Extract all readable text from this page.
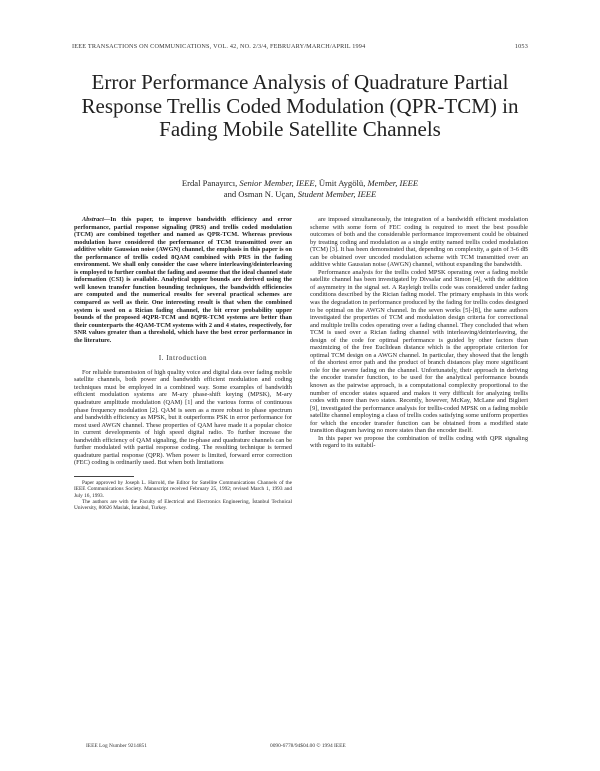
IEEE TRANSACTIONS ON COMMUNICATIONS, VOL. 42, NO. 2/3/4, FEBRUARY/MARCH/APRIL 1994	1053
Error Performance Analysis of Quadrature Partial Response Trellis Coded Modulation (QPR-TCM) in Fading Mobile Satellite Channels
Erdal Panayırcı, Senior Member, IEEE, Ümit Aygölü, Member, IEEE
and Osman N. Uçan, Student Member, IEEE

Abstract—In this paper, to improve bandwidth efficiency and error performance, partial response signaling (PRS) and trellis coded modulation (TCM) are combined together and named as QPR-TCM. Whereas previous modulation have considered the performance of TCM transmitted over an additive white Gaussian noise (AWGN) channel, the emphasis in this paper is on the performance of trellis coded 8QAM combined with PRS in the fading environment. We shall only consider the case where interleaving/deinterleaving is employed to further combat the fading and assume that the ideal channel state information (CSI) is available. Analytical upper bounds are derived using the well known transfer function bounding techniques, the bandwidth efficiencies are computed and the numerical results for several practical schemes are compared as well as their. One interesting result is that when the combined system is used on a Rician fading channel, the bit error probability upper bounds of the proposed 4QPR-TCM and 8QPR-TCM systems are better than their counterparts the 4QAM-TCM systems with 2 and 4 states, respectively, for SNR values greater than a threshold, which have the best error performance in the literature.

I. Introduction

For reliable transmission of high quality voice and digital data over fading mobile satellite channels, both power and bandwidth efficient modulation and coding techniques must be employed in a combined way. Some examples of bandwidth efficient modulation systems are M-ary phase-shift keying (MPSK), M-ary quadrature amplitude modulation (QAM) [1] and the various forms of continuous phase frequency modulation [2]. QAM is seen as a more robust to phase spectrum and bandwidth efficiency as MPSK, but it outperforms PSK in error performance for most used AWGN channel. These properties of QAM have made it a popular choice in current developments of high speed digital radio. To further increase the bandwidth efficiency of QAM signaling, the in-phase and quadrature channels can be further modulated with partial response coding. The resulting technique is termed quadrature partial response (QPR). When power is limited, forward error correction (FEC) coding is ordinarily used. But when both limitations

Paper approved by Joseph L. Harrold, the Editor for Satellite Communications Channels of the IEEE Communications Society. Manuscript received February 25, 1992; revised March 1, 1993 and July 16, 1993.

The authors are with the Faculty of Electrical and Electronics Engineering, İstanbul Technical University, 80626 Maslak, İstanbul, Turkey.

are imposed simultaneously, the integration of a bandwidth efficient modulation scheme with some form of FEC coding is required to meet the best possible outcomes of both and the considerable performance improvement could be obtained by treating coding and modulation as a single entity named trellis coded modulation (TCM) [3]. It has been demonstrated that, depending on complexity, a gain of 3-6 dB can be obtained over uncoded modulation scheme with TCM transmitted over an additive white Gaussian noise (AWGN) channel, without expanding the bandwidth.

Performance analysis for the trellis coded MPSK operating over a fading mobile satellite channel has been investigated by Divsalar and Simon [4], with the addition of asymmetry in the signal set. A Rayleigh trellis code was considered under fading conditions described by the Rician fading model. The primary emphasis in this work was the degradation in performance produced by the fading for trellis codes designed to be optimal on the AWGN channel. In the seven works [5]-[8], the same authors investigated the properties of TCM and modulation design criteria for correctional and multiple trellis codes operating over a fading channel. They concluded that when TCM is used over a Rician fading channel with interleaving/deinterleaving, the design of the code for optimal performance is guided by other factors than maximizing of the free Euclidean distance which is the appropriate criterion for optimal TCM design on a AWGN channel. In particular, they showed that the length of the shortest error path and the product of branch distances play more significant role for the severe fading on the channel. Unfortunately, their approach in deriving the encoder transfer function, to be used for the analytical performance bounds known as the pairwise approach, is a computational complexity proportional to the number of encoder states squared and makes it very difficult for analyzing trellis codes with more than two states. Recently, however, McKay, McLane and Biglieri [9], investigated the performance analysis for trellis-coded MPSK on a fading mobile satellite channel employing a class of trellis codes satisfying some uniform properties for which the encoder transfer function can be obtained from a modified state transition diagram having no more states than the encoder itself.

In this paper we propose the combination of trellis coding with QPR signaling with regard to its suitabil-

IEEE Log Number 9214851	0090-6778/94$04.00 © 1994 IEEE
